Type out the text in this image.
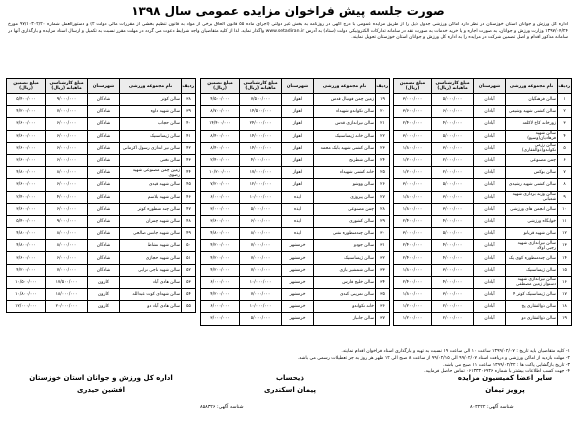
صورت جلسه پیش فراخوان مزایده عمومی سال ۱۳۹۸
اداره کل ورزش و جوانان استان خوزستان در نظر دارد اماکن ورزشی جدول ذیل را از طریق مزایده عمومی با درج آگهی در روزنامه به بخش غیر دولتی (اجرای ماده ۵۵ قانون الحاق برخی از مواد به قانون تنظیم بخشی از مقررات مالی دولت ۲) و دستورالعمل شماره ۹۷/۱۰۳۰۲/۲۰ مورخ ۱۳۹۷/۰۴/۲۴ وزارت ورزش و جوانان، به صورت اجاره و یا خرید خدمات به صورت نقد در سامانه تدارکات الکترونیکی دولت (ستاد) به آدرس www.setadiran.ir واگذار نماید. لذا از کلیه متقاضیان واجد شرایط دعوت می گردد در مهلت مقرر نسبت به تکمیل و ارسال اسناد مزایده و بارگذاری آنها در سامانه مذکور اقدام و اصل تضمین شرکت در مزایده را به اداره کل ورزش و جوانان استان خوزستان تحویل نمایند.
ردیف	نام مجموعه ورزشی	شهرستان	مبلغ کارشناسی ماهیانه (ریال)	مبلغ تضمین (ریال)
۱	سالن فرهنگیان	آبادان	۵/۰۰۰/۰۰۰	۳/۰۰۰/۰۰۰
۲	سالن کشتی شهید وشیعی	آبادان	۶/۰۰۰/۰۰۰	۳/۶۰۰/۰۰۰
۳	زورخانه کاخ لاکلعه	آبادان	۴/۰۰۰/۰۰۰	۲/۴۰۰/۰۰۰
۴	سالن شهید فرهادیان(وسیع)	آبادان	۵/۰۰۰/۰۰۰	۳/۰۰۰/۰۰۰
۵	سالن رزمی تکواندو(ذوالفقاری)	آبادان	۳/۰۰۰/۰۰۰	۱/۸۰۰/۰۰۰
۶	چمن مصنوعی	آبادان	۲/۰۰۰/۰۰۰	۱/۲۰۰/۰۰۰
۷	سالن بوکس	آبادان	۲/۰۰۰/۰۰۰	۱/۲۰۰/۰۰۰
۸	سالن کشتی شهید رشیدی	آبادان	۵/۰۰۰/۰۰۰	۳/۰۰۰/۰۰۰
۹	سالن وزنه برداری شهید شعبانی	آبادان	۳/۰۰۰/۰۰۰	۱/۸۰۰/۰۰۰
۱۰	سالن انجمن های ورزشی	آبادان	۳/۰۰۰/۰۰۰	۱/۸۰۰/۰۰۰
۱۱	خوابگاه ورزشی	آبادان	۴/۰۰۰/۰۰۰	۲/۴۰۰/۰۰۰
۱۲	سالن شهید قربانو	آبادان	۵/۰۰۰/۰۰۰	۳/۰۰۰/۰۰۰
۱۳	سالن تیراندازی شهید رجبی اولاد	آبادان	۴/۰۰۰/۰۰۰	۲/۴۰۰/۰۰۰
۱۴	سالن چندمنظوره کوی یک	آبادان	۴/۰۰۰/۰۰۰	۲/۴۰۰/۰۰۰
۱۵	سالن ژیمناستیک	آبادان	۳/۰۰۰/۰۰۰	۱/۸۰۰/۰۰۰
۱۶	سالن تیراندازی شهید دستوار زمین مصطفی	آبادان	۴/۰۰۰/۰۰۰	۲/۴۰۰/۰۰۰
۱۷	سالن ژیمناستیک کوثر ۴	آبادان	۳/۰۰۰/۰۰۰	۱/۸۰۰/۰۰۰
۱۸	سالن ذوالفقاری پخ	آبادان	۲/۰۰۰/۰۰۰	۱/۲۰۰/۰۰۰
۱۹	سالن ذوالفقاری دو	آبادان	۲/۰۰۰/۰۰۰	۱/۲۰۰/۰۰۰
ردیف	نام مجموعه ورزشی	شهرستان	مبلغ کارشناسی ماهیانه (ریال)	مبلغ تضمین (ریال)
۱۹	زمین چمن فوتبال قدس	اهواز	۷/۵۰۰/۰۰۰	۴/۵۰۰/۰۰۰
۲۰	سالن تکواندو شهیداء	اهواز	۱۴/۵۰۰/۰۰۰	۸/۷۰۰/۰۰۰
۲۱	سالن تیراندازی قدس	اهواز	۲۴/۰۰۰/۰۰۰	۱۴/۴۰۰/۰۰۰
۲۲	سالن خانه ژیمناستیک	اهواز	۱۴/۰۰۰/۰۰۰	۸/۴۰۰/۰۰۰
۲۳	سالن کشتی شهید بابک محمد	اهواز	۱۴/۰۰۰/۰۰۰	۸/۴۰۰/۰۰۰
۲۴	سالن شطرنج	اهواز	۴/۰۰۰/۰۰۰	۲/۴۰۰/۰۰۰
۲۵	خانه کشتی شهیداء	اهواز	۱۷/۰۰۰/۰۰۰	۱۰/۲۰۰/۰۰۰
۲۶	سالن ووشو	اهواز	۱۲/۰۰۰/۰۰۰	۷/۲۰۰/۰۰۰
۲۷	سالن پیروزی	ایذه	۱۰/۰۰۰/۰۰۰	۶/۰۰۰/۰۰۰
۲۸	چمن مصنوعی	ایذه	۵/۰۰۰/۰۰۰	۳/۰۰۰/۰۰۰
۲۹	سالن کشوری	ایذه	۶/۰۰۰/۰۰۰	۳/۶۰۰/۰۰۰
۳۰	سالن چندمنظوره نفتی	ایذه	۸/۰۰۰/۰۰۰	۴/۸۰۰/۰۰۰
۳۱	سالن جودو	خرمشهر	۷/۰۰۰/۰۰۰	۴/۲۰۰/۰۰۰
۳۲	سالن ژیمناستیک	خرمشهر	۷/۰۰۰/۰۰۰	۴/۲۰۰/۰۰۰
۳۳	سالن شمشیر بازی	خرمشهر	۷/۰۰۰/۰۰۰	۴/۲۰۰/۰۰۰
۳۴	سالن خلیج فارس	خرمشهر	۱۰/۰۰۰/۰۰۰	۶/۰۰۰/۰۰۰
۳۵	سالن تمرینی کندی	خرمشهر	۷/۰۰۰/۰۰۰	۴/۲۰۰/۰۰۰
۳۶	خانه تکواندو	خرمشهر	۱۰/۰۰۰/۰۰۰	۶/۰۰۰/۰۰۰
۳۷	سالن جانباز	خرمشهر	۵/۰۰۰/۰۰۰	۳/۰۰۰/۰۰۰
ردیف	نام مجموعه ورزشی	شهرستان	مبلغ کارشناسی ماهیانه (ریال)	مبلغ تضمین (ریال)
۳۸	سالن کوثر	شادگان	۹/۰۰۰/۰۰۰	۵/۴۰۰/۰۰۰
۳۹	سالن شهید داوه	شادگان	۷/۰۰۰/۰۰۰	۴/۲۰۰/۰۰۰
۴۰	سالن حجاب	شادگان	۶/۰۰۰/۰۰۰	۳/۶۰۰/۰۰۰
۴۱	سالن ژیمناستیک	شادگان	۶/۰۰۰/۰۰۰	۳/۶۰۰/۰۰۰
۴۲	سالن تیر اندازی رسول اکرمانی	شادگان	۶/۰۰۰/۰۰۰	۳/۶۰۰/۰۰۰
۴۳	سالن تختی	شادگان	۶/۰۰۰/۰۰۰	۳/۶۰۰/۰۰۰
۴۴	زمین چمن مصنوعی شهید رضوی	شادگان	۸/۰۰۰/۰۰۰	۴/۸۰۰/۰۰۰
۴۵	سالن شهید قیدی	شادگان	۶/۰۰۰/۰۰۰	۳/۶۰۰/۰۰۰
۴۶	سالن شهید بلاسم	شادگان	۴/۰۰۰/۰۰۰	۲/۴۰۰/۰۰۰
۴۷	سالن چند منظوره کوثر	شادگان	۶/۰۰۰/۰۰۰	۳/۶۰۰/۰۰۰
۴۸	سالن شهید چمران	شادگان	۹/۰۰۰/۰۰۰	۵/۴۰۰/۰۰۰
۴۹	سالن شهید جانس صالحی	شادگان	۸/۰۰۰/۰۰۰	۴/۸۰۰/۰۰۰
۵۰	سالن شهید نشاط	شادگان	۸/۰۰۰/۰۰۰	۴/۸۰۰/۰۰۰
۵۱	سالن شهید حجازی	شادگان	۶/۰۰۰/۰۰۰	۳/۶۰۰/۰۰۰
۵۲	سالن شهید ناجی ترابی	شادگان	۷/۰۰۰/۰۰۰	۴/۲۰۰/۰۰۰
۵۳	سالن هادی آباد	کارون	۱۷/۵۰۰/۰۰۰	۱۰/۵۰۰/۰۰۰
۵۴	سالن شهدای کوت عبدالله	کارون	۱۸/۰۰۰/۰۰۰	۱۰/۸۰۰/۰۰۰
۵۵	سالن هادی آباد دو	کارون	۲۰/۰۰۰/۰۰۰	۱۲/۰۰۰/۰۰۰
۱- کلیه متقاضیان باید تاریخ : ۱۳۹۹/۰۲/۰۷ ساعت ۱۰ الی ساعت ۱۹ نسبت به تهیه و بارگذاری اسناد فراخوان اقدام نمایند.
۲- مهلت بازدید از اماکن ورزشی و دریافت اسناد ۹۹/۰۲/۰۷ الی ۹۹/۰۲/۱۵ از ساعت ۸ صبح الی ۱۲ ظهر هر روز به جز تعطیلات رسمی می باشد.
۳- تاریخ بازگشایی پاکت ها : ۱۳۹۹/۰۲/۲۲ ساعت ۱۱ صبح می باشد.
۴- جهت کسب اطلاعات بیشتر با شماره ۰۶۱۳۳۳۰۶۹۳۶ تماس حاصل فرمایید.
سایر اعضا کمیسیون مزایده
پرویز تیمان
ذیحساب
پیمان اسکندری
اداره کل ورزش و جوانان استان خوزستان
افشین حیدری
شناسه آگهی: ۸۵۸۳۲۶	شناسه آگهی: ۸۰۳۲۲۲
